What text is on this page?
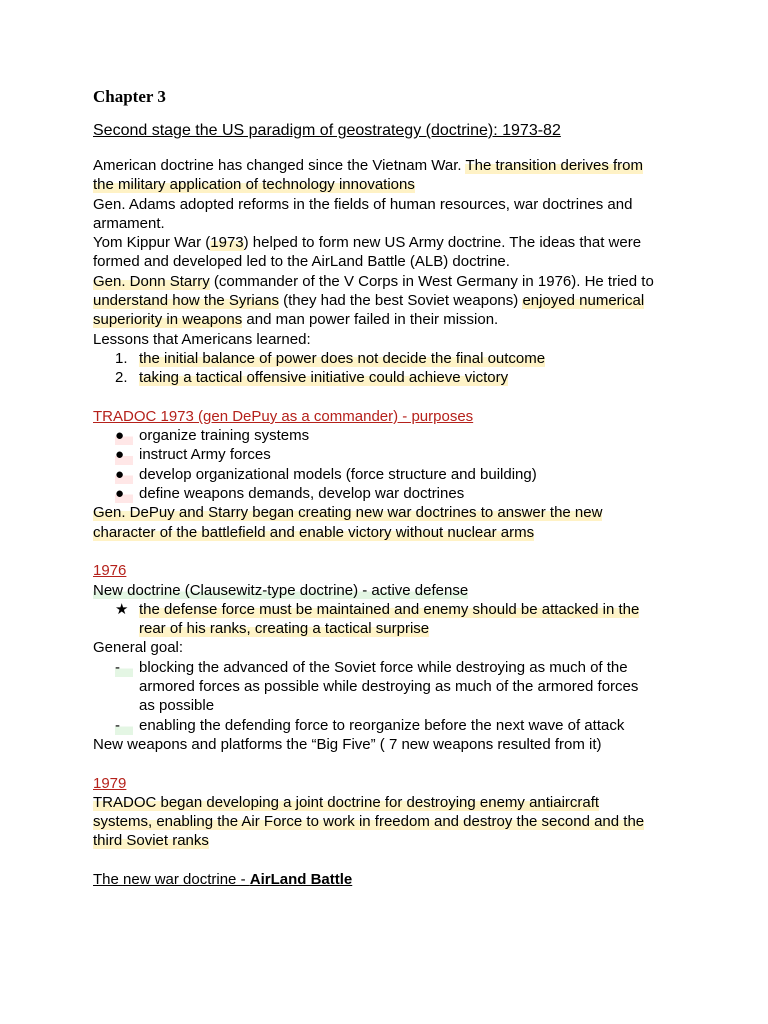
Chapter 3
Second stage the US paradigm of geostrategy (doctrine): 1973-82
American doctrine has changed since the Vietnam War. The transition derives from
the military application of technology innovations
Gen. Adams adopted reforms in the fields of human resources, war doctrines and
armament.
Yom Kippur War (1973) helped to form new US Army doctrine. The ideas that were
formed and developed led to the AirLand Battle (ALB) doctrine.
Gen. Donn Starry (commander of the V Corps in West Germany in 1976). He tried to
understand how the Syrians (they had the best Soviet weapons) enjoyed numerical
superiority in weapons and man power failed in their mission.
Lessons that Americans learned:
1. the initial balance of power does not decide the final outcome
2. taking a tactical offensive initiative could achieve victory
TRADOC 1973 (gen DePuy as a commander) - purposes
● organize training systems
● instruct Army forces
● develop organizational models (force structure and building)
● define weapons demands, develop war doctrines
Gen. DePuy and Starry began creating new war doctrines to answer the new
character of the battlefield and enable victory without nuclear arms
1976
New doctrine (Clausewitz-type doctrine) - active defense
★ the defense force must be maintained and enemy should be attacked in the
rear of his ranks, creating a tactical surprise
General goal:
-	blocking the advanced of the Soviet force while destroying as much of the
armored forces as possible while destroying as much of the armored forces
as possible
-	enabling the defending force to reorganize before the next wave of attack
New weapons and platforms the “Big Five” ( 7 new weapons resulted from it)
1979
TRADOC began developing a joint doctrine for destroying enemy antiaircraft
systems, enabling the Air Force to work in freedom and destroy the second and the
third Soviet ranks
The new war doctrine - AirLand Battle
